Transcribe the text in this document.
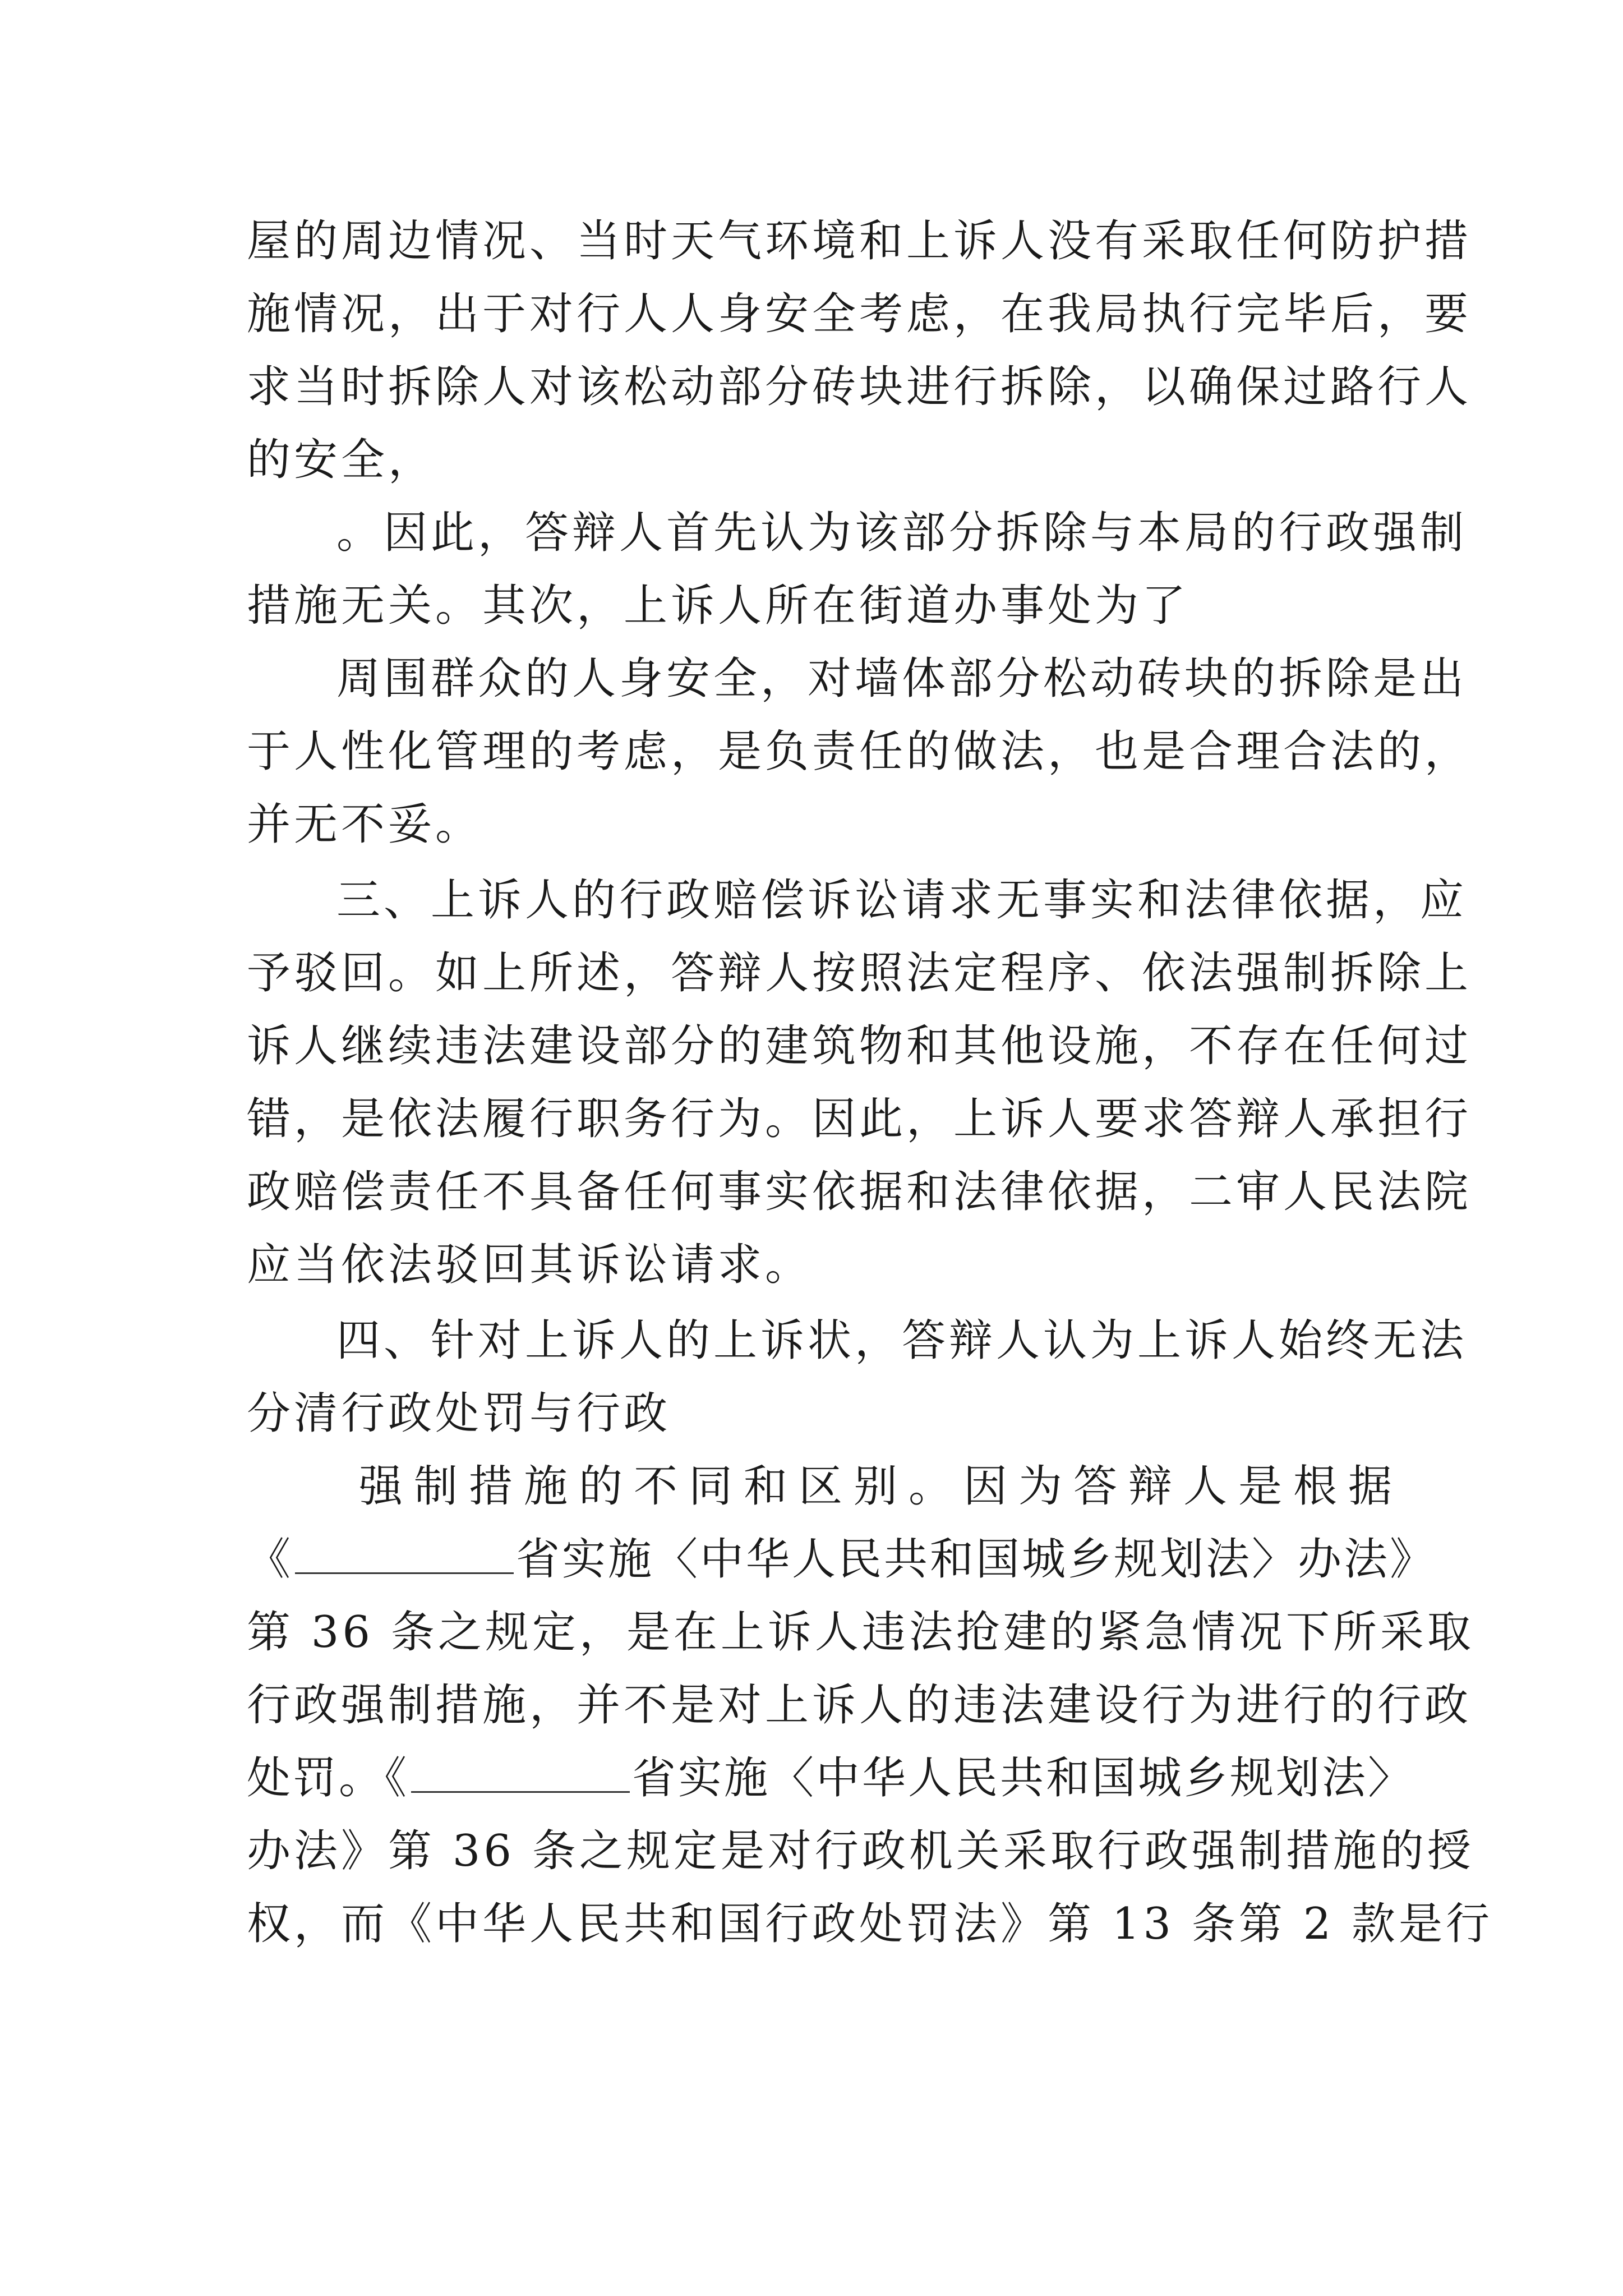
屋的周边情况、当时天气环境和上诉人没有采取任何防护措
施情况，出于对行人人身安全考虑，在我局执行完毕后，要
求当时拆除人对该松动部分砖块进行拆除，以确保过路行人
的安全，
。因此，答辩人首先认为该部分拆除与本局的行政强制
措施无关。其次，上诉人所在街道办事处为了
周围群众的人身安全，对墙体部分松动砖块的拆除是出
于人性化管理的考虑，是负责任的做法，也是合理合法的，
并无不妥。
三、上诉人的行政赔偿诉讼请求无事实和法律依据，应
予驳回。如上所述，答辩人按照法定程序、依法强制拆除上
诉人继续违法建设部分的建筑物和其他设施，不存在任何过
错，是依法履行职务行为。因此，上诉人要求答辩人承担行
政赔偿责任不具备任何事实依据和法律依据，二审人民法院
应当依法驳回其诉讼请求。
四、针对上诉人的上诉状，答辩人认为上诉人始终无法
分清行政处罚与行政
强制措施的不同和区别。因为答辩人是根据
《	省实施〈中华人民共和国城乡规划法〉办法》
第 36 条之规定，是在上诉人违法抢建的紧急情况下所采取
行政强制措施，并不是对上诉人的违法建设行为进行的行政
处罚。《	省实施〈中华人民共和国城乡规划法〉
办法》第 36 条之规定是对行政机关采取行政强制措施的授
权，而《中华人民共和国行政处罚法》第 13 条第 2 款是行
